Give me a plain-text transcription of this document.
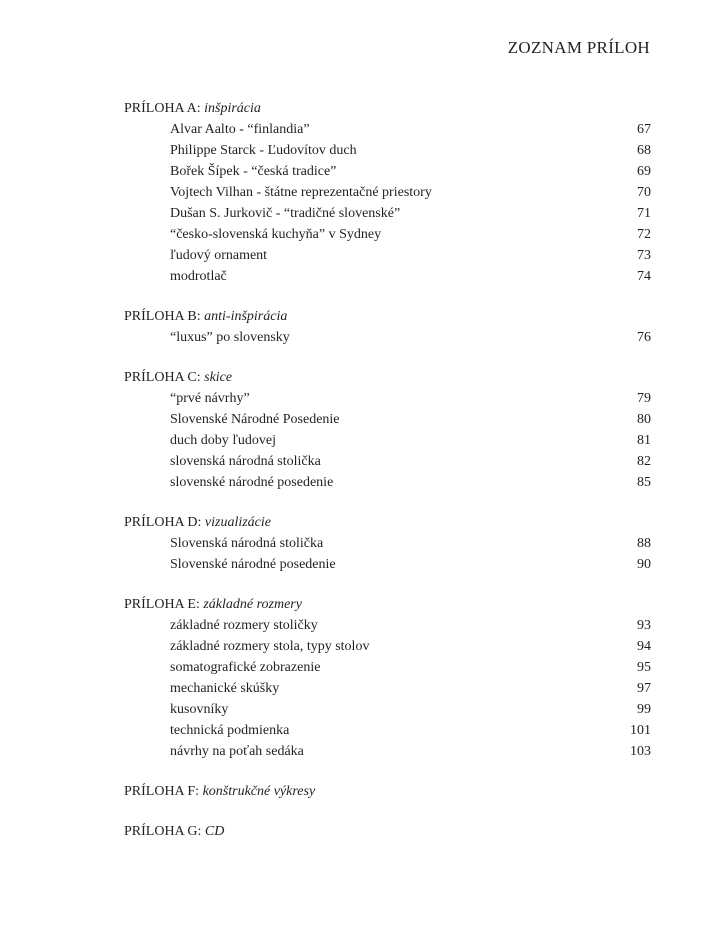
ZOZNAM PRÍLOH
PRÍLOHA A: inšpirácia
Alvar Aalto - “finlandia”	67
Philippe Starck - Ľudovítov duch	68
Bořek Šípek - “česká tradice”	69
Vojtech Vilhan - štátne reprezentačné priestory	70
Dušan S. Jurkovič - “tradičné slovenské”	71
“česko-slovenská kuchyňa” v Sydney	72
ľudový ornament	73
modrotlač	74
PRÍLOHA B: anti-inšpirácia
“luxus” po slovensky	76
PRÍLOHA C: skice
“prvé návrhy”	79
Slovenské Národné Posedenie	80
duch doby ľudovej	81
slovenská národná stolička	82
slovenské národné posedenie	85
PRÍLOHA D: vizualizácie
Slovenská národná stolička	88
Slovenské národné posedenie	90
PRÍLOHA E: základné rozmery
základné rozmery stoličky	93
základné rozmery stola, typy stolov	94
somatografické zobrazenie	95
mechanické skúšky	97
kusovníky	99
technická podmienka	101
návrhy na poťah sedáka	103
PRÍLOHA F: konštrukčné výkresy
PRÍLOHA G: CD
